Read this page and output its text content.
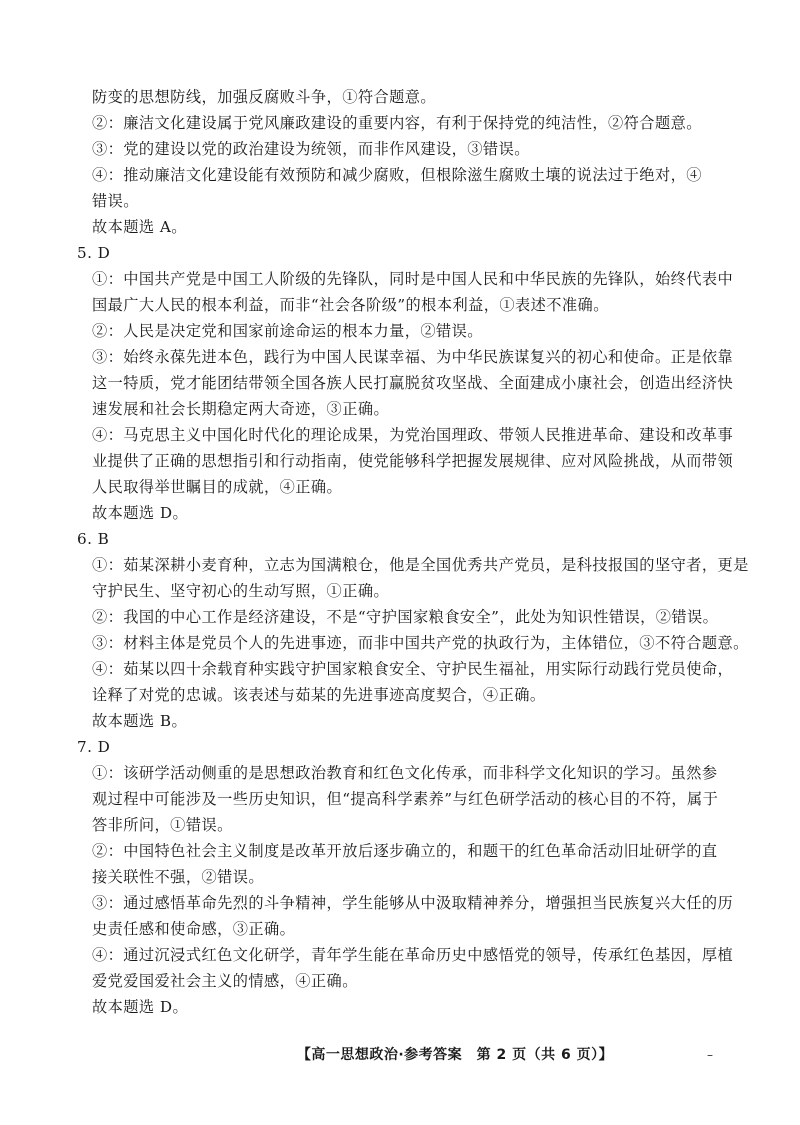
防变的思想防线，加强反腐败斗争，①符合题意。
②：廉洁文化建设属于党风廉政建设的重要内容，有利于保持党的纯洁性，②符合题意。
③：党的建设以党的政治建设为统领，而非作风建设，③错误。
④：推动廉洁文化建设能有效预防和减少腐败，但根除滋生腐败土壤的说法过于绝对，④
错误。
故本题选 A。
5. D
①：中国共产党是中国工人阶级的先锋队，同时是中国人民和中华民族的先锋队，始终代表中
国最广大人民的根本利益，而非“社会各阶级”的根本利益，①表述不准确。
②：人民是决定党和国家前途命运的根本力量，②错误。
③：始终永葆先进本色，践行为中国人民谋幸福、为中华民族谋复兴的初心和使命。正是依靠
这一特质，党才能团结带领全国各族人民打赢脱贫攻坚战、全面建成小康社会，创造出经济快
速发展和社会长期稳定两大奇迹，③正确。
④：马克思主义中国化时代化的理论成果，为党治国理政、带领人民推进革命、建设和改革事
业提供了正确的思想指引和行动指南，使党能够科学把握发展规律、应对风险挑战，从而带领
人民取得举世瞩目的成就，④正确。
故本题选 D。
6. B
①：茹某深耕小麦育种，立志为国满粮仓，他是全国优秀共产党员，是科技报国的坚守者，更是
守护民生、坚守初心的生动写照，①正确。
②：我国的中心工作是经济建设，不是“守护国家粮食安全”，此处为知识性错误，②错误。
③：材料主体是党员个人的先进事迹，而非中国共产党的执政行为，主体错位，③不符合题意。
④：茹某以四十余载育种实践守护国家粮食安全、守护民生福祉，用实际行动践行党员使命，
诠释了对党的忠诚。该表述与茹某的先进事迹高度契合，④正确。
故本题选 B。
7. D
①：该研学活动侧重的是思想政治教育和红色文化传承，而非科学文化知识的学习。虽然参
观过程中可能涉及一些历史知识，但“提高科学素养”与红色研学活动的核心目的不符，属于
答非所问，①错误。
②：中国特色社会主义制度是改革开放后逐步确立的，和题干的红色革命活动旧址研学的直
接关联性不强，②错误。
③：通过感悟革命先烈的斗争精神，学生能够从中汲取精神养分，增强担当民族复兴大任的历
史责任感和使命感，③正确。
④：通过沉浸式红色文化研学，青年学生能在革命历史中感悟党的领导，传承红色基因，厚植
爱党爱国爱社会主义的情感，④正确。
故本题选 D。
【高一思想政治·参考答案　第 2 页（共 6 页）】	–
